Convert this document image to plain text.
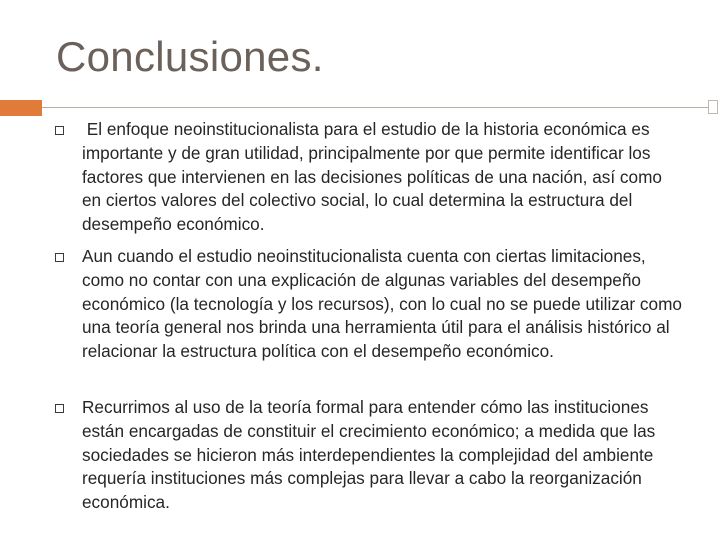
Conclusiones.

El enfoque neoinstitucionalista para el estudio de la historia económica es importante y de gran utilidad, principalmente por que permite identificar los factores que intervienen en las decisiones políticas de una nación, así como en ciertos valores del colectivo social, lo cual determina la estructura del desempeño económico.

Aun cuando el estudio neoinstitucionalista cuenta con ciertas limitaciones, como no contar con una explicación de algunas variables del desempeño económico (la tecnología y los recursos), con lo cual no se puede utilizar como una teoría general nos brinda una herramienta útil para el análisis histórico al relacionar la estructura política con el desempeño económico.

Recurrimos al uso de la teoría formal para entender cómo las instituciones están encargadas de constituir el crecimiento económico; a medida que las sociedades se hicieron más interdependientes la complejidad del ambiente requería instituciones más complejas para llevar a cabo la reorganización económica.
